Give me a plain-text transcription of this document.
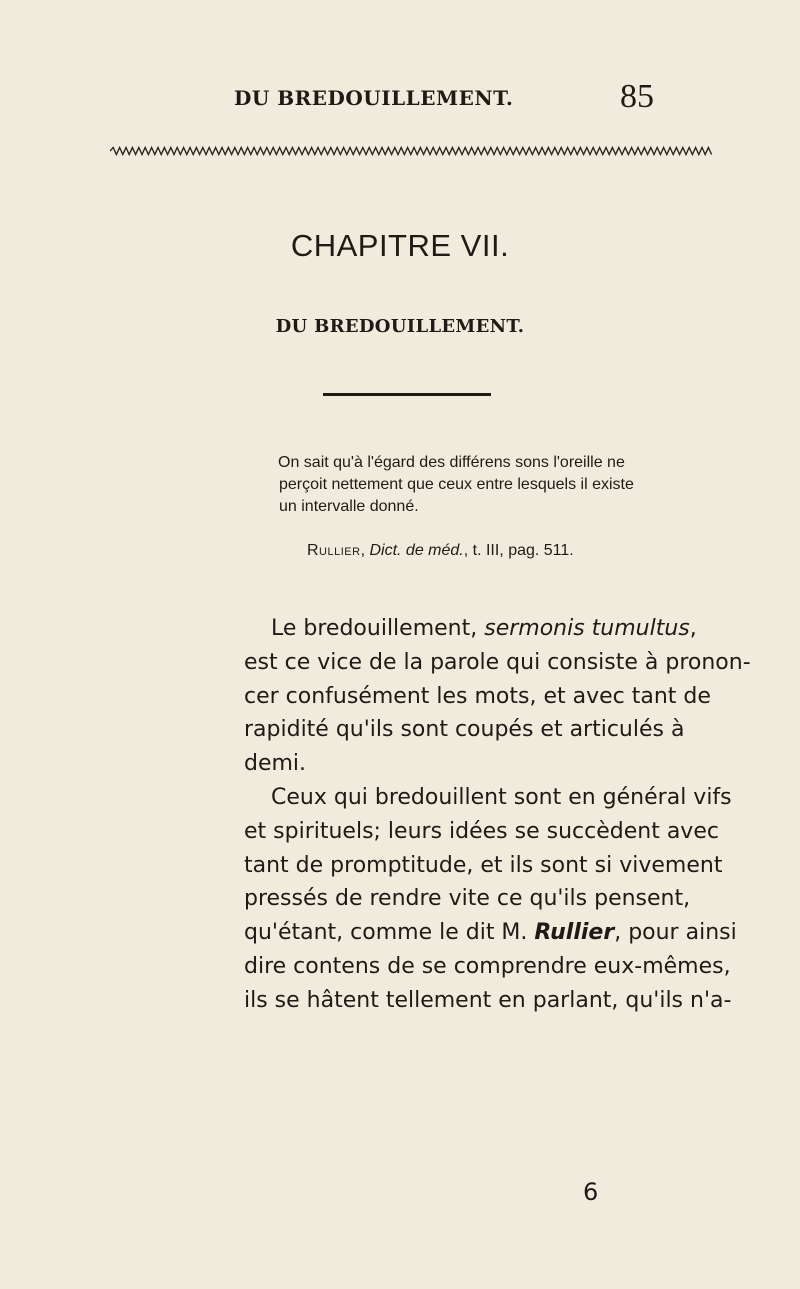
DU BREDOUILLEMENT.	85
CHAPITRE VII.
DU BREDOUILLEMENT.
On sait qu'à l'égard des différens sons l'oreille ne
perçoit nettement que ceux entre lesquels il existe
un intervalle donné.
Rullier, Dict. de méd., t. III, pag. 511.
Le bredouillement, sermonis tumultus,
est ce vice de la parole qui consiste à pronon-
cer confusément les mots, et avec tant de
rapidité qu'ils sont coupés et articulés à
demi.
Ceux qui bredouillent sont en général vifs
et spirituels; leurs idées se succèdent avec
tant de promptitude, et ils sont si vivement
pressés de rendre vite ce qu'ils pensent,
qu'étant, comme le dit M. Rullier, pour ainsi
dire contens de se comprendre eux-mêmes,
ils se hâtent tellement en parlant, qu'ils n'a-
6
